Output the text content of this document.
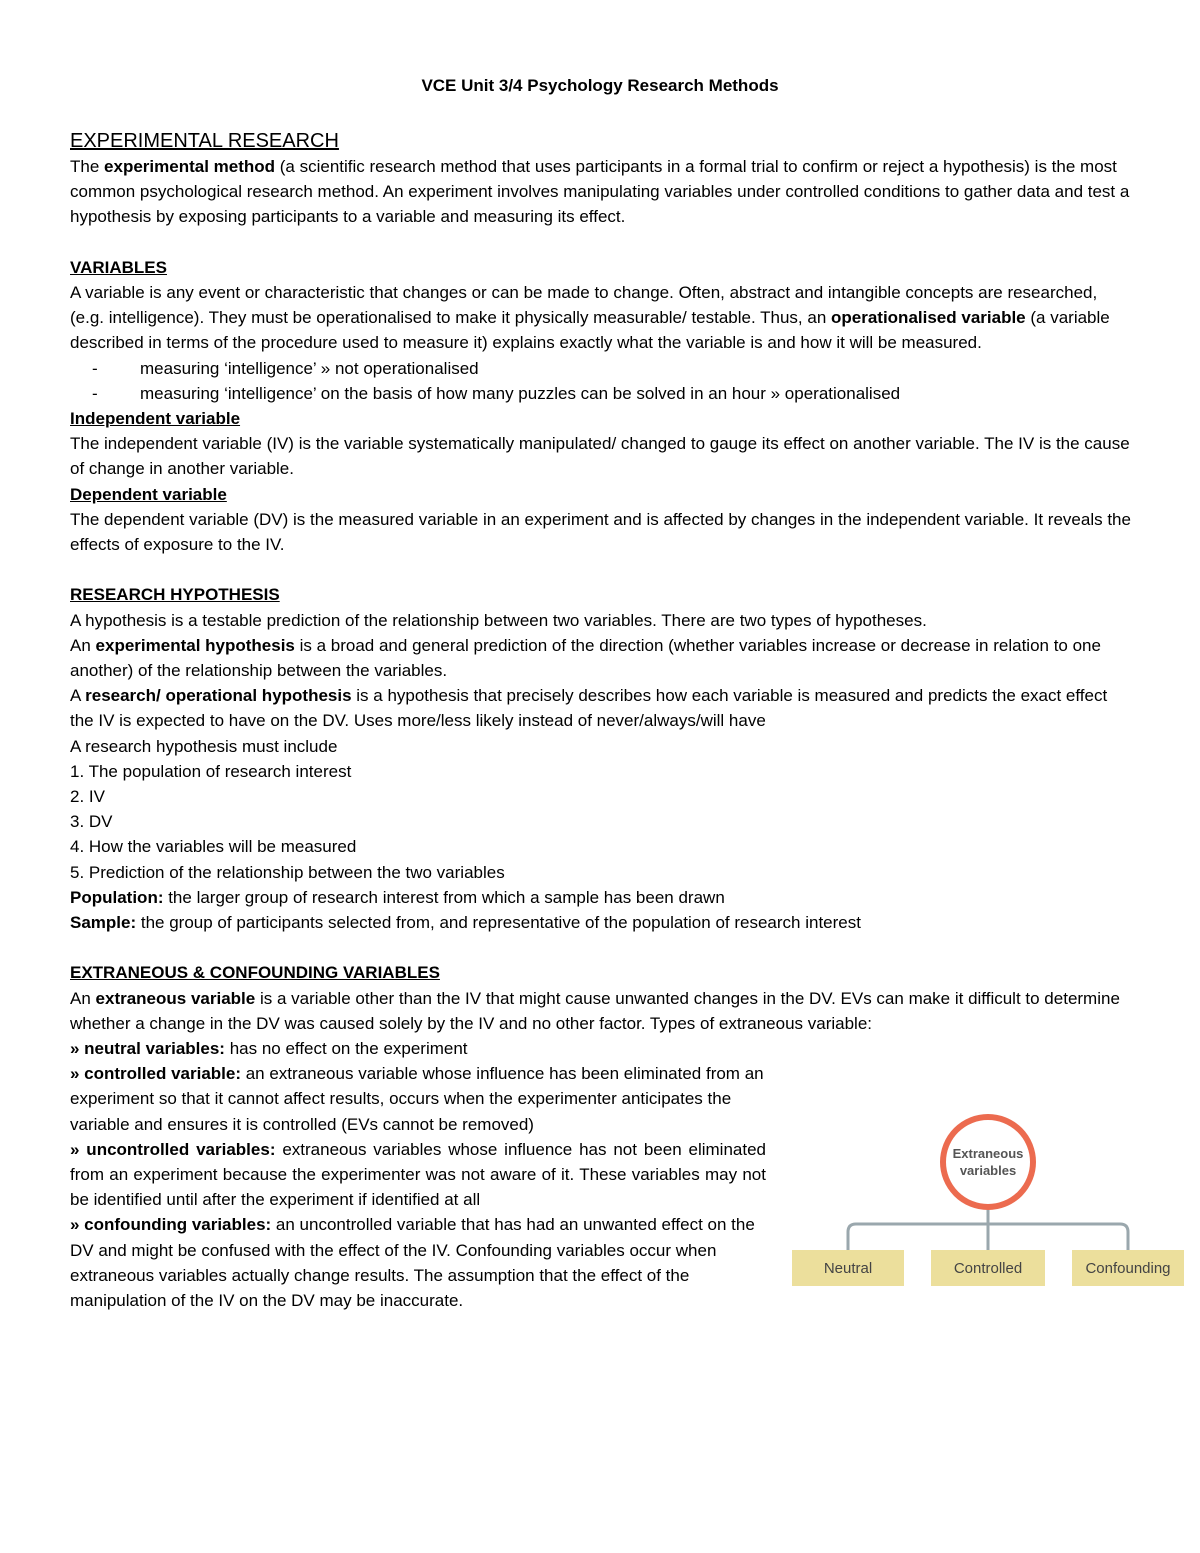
VCE Unit 3/4 Psychology Research Methods
EXPERIMENTAL RESEARCH

The experimental method (a scientific research method that uses participants in a formal trial to confirm or reject a hypothesis) is the most common psychological research method. An experiment involves manipulating variables under controlled conditions to gather data and test a hypothesis by exposing participants to a variable and measuring its effect.

VARIABLES

A variable is any event or characteristic that changes or can be made to change. Often, abstract and intangible concepts are researched, (e.g. intelligence). They must be operationalised to make it physically measurable/ testable. Thus, an operationalised variable (a variable described in terms of the procedure used to measure it) explains exactly what the variable is and how it will be measured.

- measuring ‘intelligence’ » not operationalised
- measuring ‘intelligence’ on the basis of how many puzzles can be solved in an hour » operationalised
Independent variable

The independent variable (IV) is the variable systematically manipulated/ changed to gauge its effect on another variable. The IV is the cause of change in another variable.

Dependent variable

The dependent variable (DV) is the measured variable in an experiment and is affected by changes in the independent variable. It reveals the effects of exposure to the IV.

RESEARCH HYPOTHESIS

A hypothesis is a testable prediction of the relationship between two variables. There are two types of hypotheses.

An experimental hypothesis is a broad and general prediction of the direction (whether variables increase or decrease in relation to one another) of the relationship between the variables.

A research/ operational hypothesis is a hypothesis that precisely describes how each variable is measured and predicts the exact effect the IV is expected to have on the DV. Uses more/less likely instead of never/always/will have

A research hypothesis must include

1. The population of research interest

2. IV

3. DV

4. How the variables will be measured

5. Prediction of the relationship between the two variables

Population: the larger group of research interest from which a sample has been drawn

Sample: the group of participants selected from, and representative of the population of research interest

EXTRANEOUS & CONFOUNDING VARIABLES

An extraneous variable is a variable other than the IV that might cause unwanted changes in the DV. EVs can make it difficult to determine whether a change in the DV was caused solely by the IV and no other factor. Types of extraneous variable:

» neutral variables: has no effect on the experiment

» controlled variable: an extraneous variable whose influence has been eliminated from an experiment so that it cannot affect results, occurs when the experimenter anticipates the variable and ensures it is controlled (EVs cannot be removed)

» uncontrolled variables: extraneous variables whose influence has not been eliminated from an experiment because the experimenter was not aware of it. These variables may not be identified until after the experiment if identified at all

» confounding variables: an uncontrolled variable that has had an unwanted effect on the DV and might be confused with the effect of the IV. Confounding variables occur when extraneous variables actually change results. The assumption that the effect of the manipulation of the IV on the DV may be inaccurate.

Extraneous variables
Neutral	Controlled	Confounding
